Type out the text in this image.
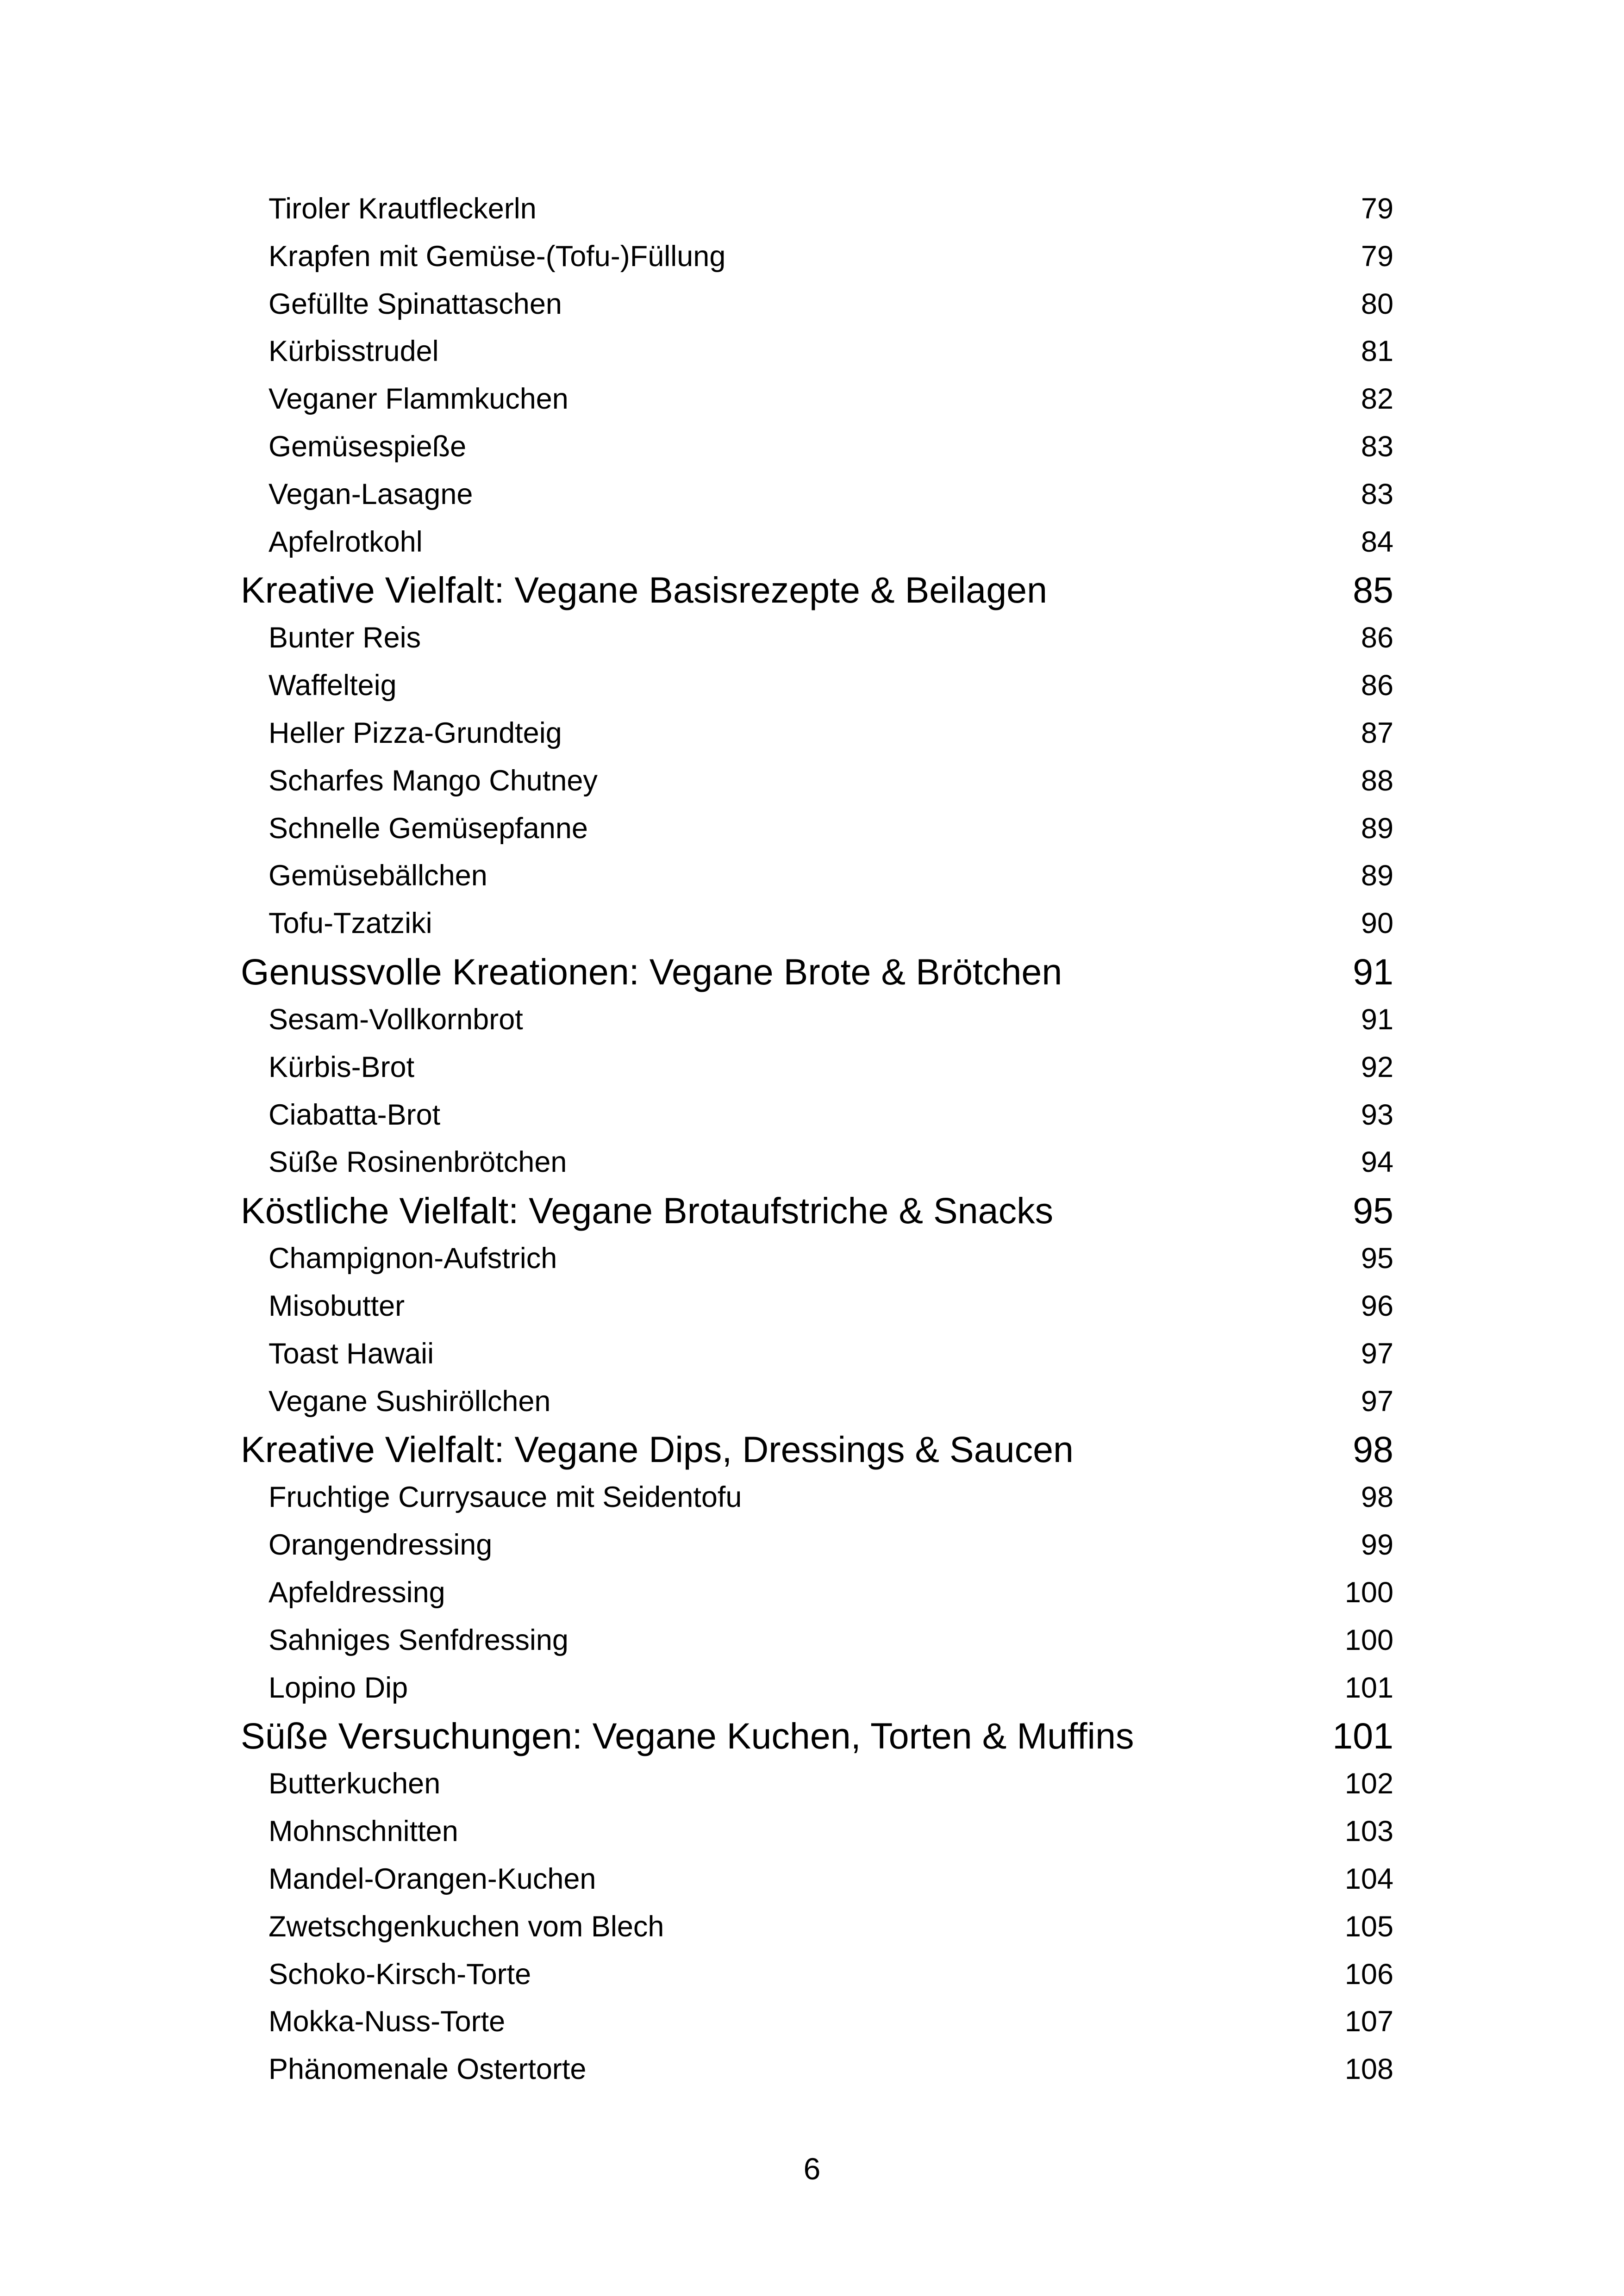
Tiroler Krautfleckerln	79
Krapfen mit Gemüse-(Tofu-)Füllung	79
Gefüllte Spinattaschen	80
Kürbisstrudel	81
Veganer Flammkuchen	82
Gemüsespieße	83
Vegan-Lasagne	83
Apfelrotkohl	84
Kreative Vielfalt: Vegane Basisrezepte & Beilagen	85
Bunter Reis	86
Waffelteig	86
Heller Pizza-Grundteig	87
Scharfes Mango Chutney	88
Schnelle Gemüsepfanne	89
Gemüsebällchen	89
Tofu-Tzatziki	90
Genussvolle Kreationen: Vegane Brote & Brötchen	91
Sesam-Vollkornbrot	91
Kürbis-Brot	92
Ciabatta-Brot	93
Süße Rosinenbrötchen	94
Köstliche Vielfalt: Vegane Brotaufstriche & Snacks	95
Champignon-Aufstrich	95
Misobutter	96
Toast Hawaii	97
Vegane Sushiröllchen	97
Kreative Vielfalt: Vegane Dips, Dressings & Saucen	98
Fruchtige Currysauce mit Seidentofu	98
Orangendressing	99
Apfeldressing	100
Sahniges Senfdressing	100
Lopino Dip	101
Süße Versuchungen: Vegane Kuchen, Torten & Muffins	101
Butterkuchen	102
Mohnschnitten	103
Mandel-Orangen-Kuchen	104
Zwetschgenkuchen vom Blech	105
Schoko-Kirsch-Torte	106
Mokka-Nuss-Torte	107
Phänomenale Ostertorte	108
6
